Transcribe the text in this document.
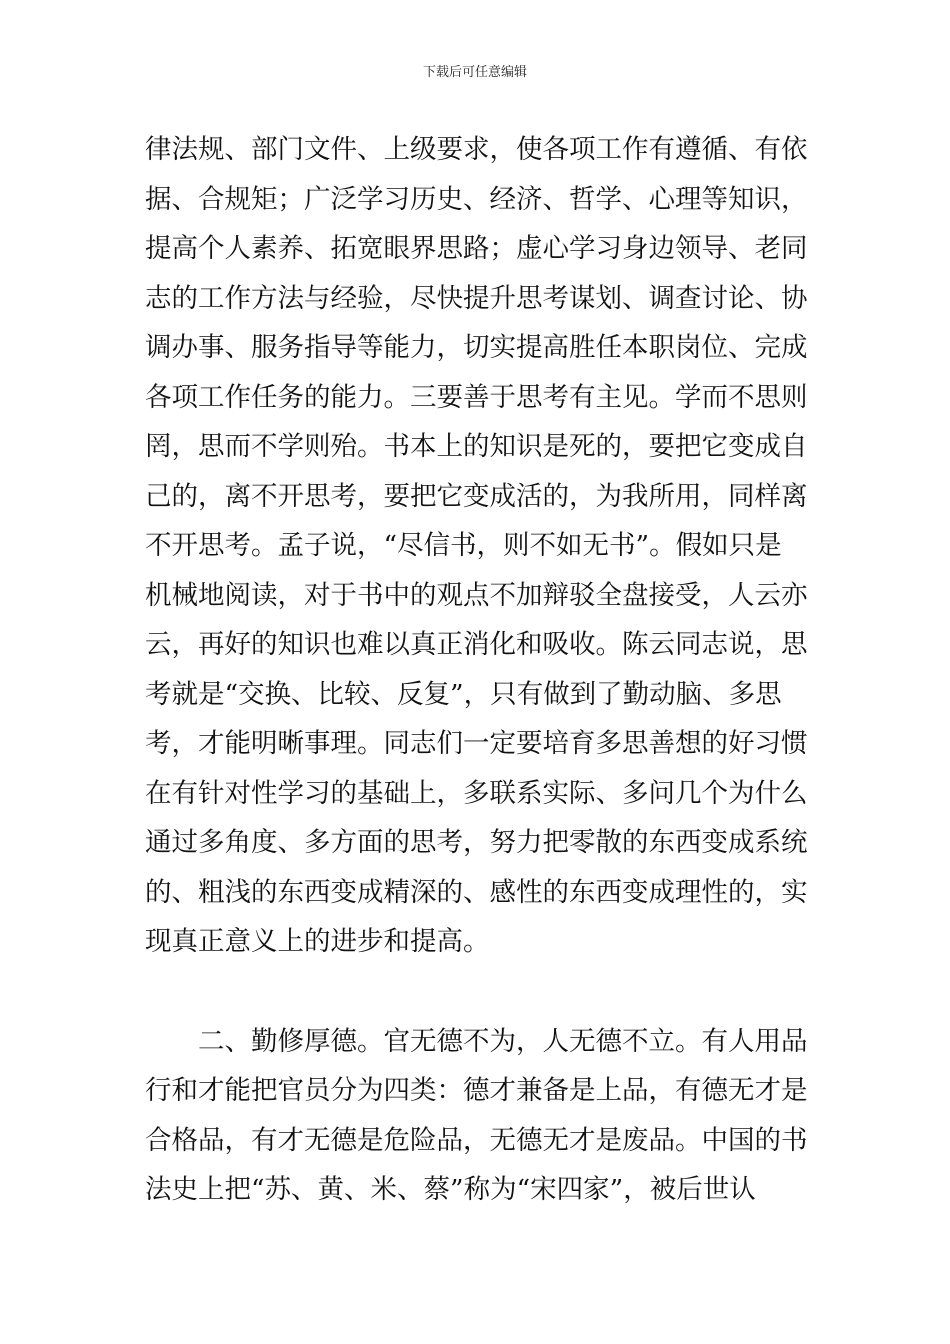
下载后可任意编辑
律法规、部门文件、上级要求，使各项工作有遵循、有依
据、合规矩；广泛学习历史、经济、哲学、心理等知识，
提高个人素养、拓宽眼界思路；虚心学习身边领导、老同
志的工作方法与经验，尽快提升思考谋划、调查讨论、协
调办事、服务指导等能力，切实提高胜任本职岗位、完成
各项工作任务的能力。三要善于思考有主见。学而不思则
罔，思而不学则殆。书本上的知识是死的，要把它变成自
己的，离不开思考，要把它变成活的，为我所用，同样离
不开思考。孟子说，“尽信书，则不如无书”。假如只是
机械地阅读，对于书中的观点不加辩驳全盘接受，人云亦
云，再好的知识也难以真正消化和吸收。陈云同志说，思
考就是“交换、比较、反复”，只有做到了勤动脑、多思
考，才能明晰事理。同志们一定要培育多思善想的好习惯
在有针对性学习的基础上，多联系实际、多问几个为什么
通过多角度、多方面的思考，努力把零散的东西变成系统
的、粗浅的东西变成精深的、感性的东西变成理性的，实
现真正意义上的进步和提高。
二、勤修厚德。官无德不为，人无德不立。有人用品
行和才能把官员分为四类：德才兼备是上品，有德无才是
合格品，有才无德是危险品，无德无才是废品。中国的书
法史上把“苏、黄、米、蔡”称为“宋四家”，被后世认
